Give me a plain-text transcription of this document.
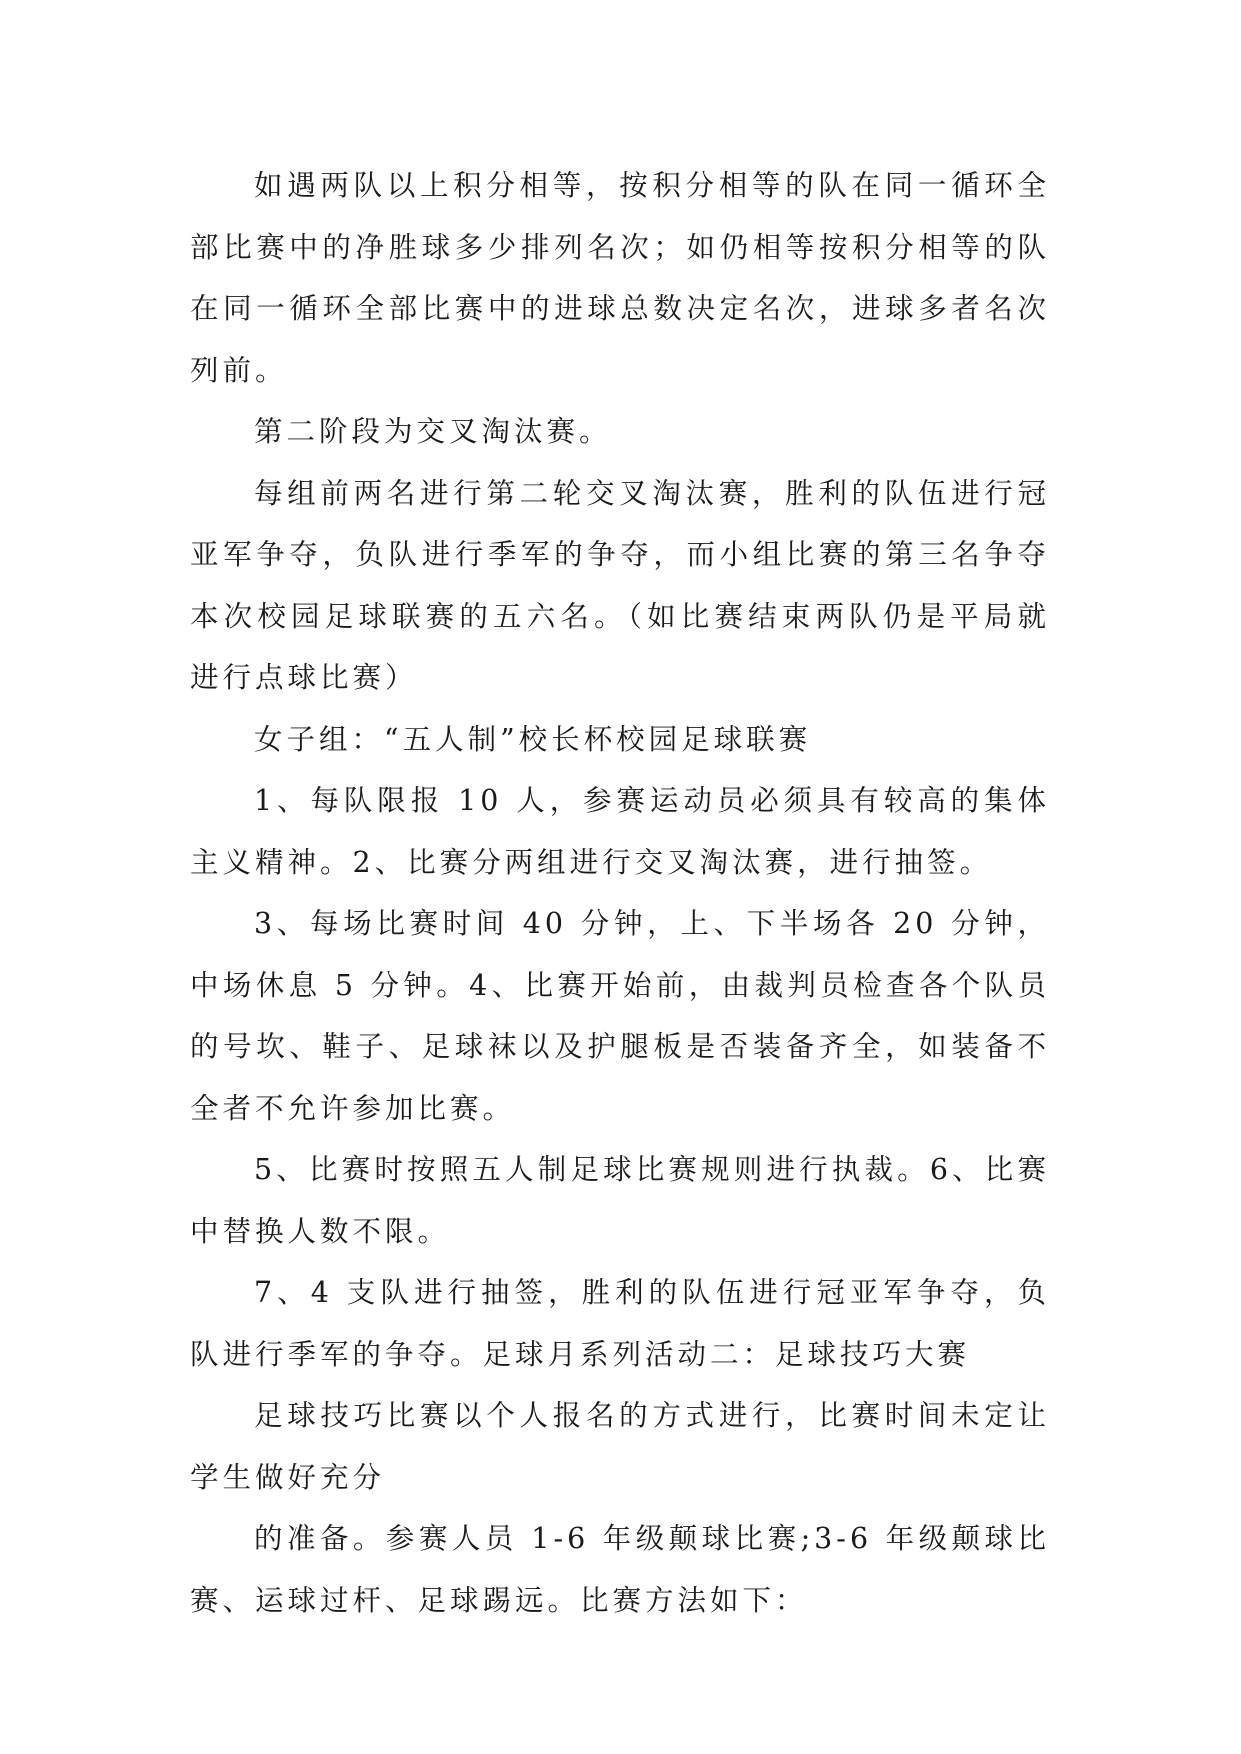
如遇两队以上积分相等，按积分相等的队在同一循环全部比赛中的净胜球多少排列名次；如仍相等按积分相等的队在同一循环全部比赛中的进球总数决定名次，进球多者名次列前。

第二阶段为交叉淘汰赛。

每组前两名进行第二轮交叉淘汰赛，胜利的队伍进行冠亚军争夺，负队进行季军的争夺，而小组比赛的第三名争夺本次校园足球联赛的五六名。（如比赛结束两队仍是平局就进行点球比赛）

女子组：“五人制”校长杯校园足球联赛

1、每队限报 10 人，参赛运动员必须具有较高的集体主义精神。2、比赛分两组进行交叉淘汰赛，进行抽签。

3、每场比赛时间 40 分钟，上、下半场各 20 分钟，中场休息 5 分钟。4、比赛开始前，由裁判员检查各个队员的号坎、鞋子、足球袜以及护腿板是否装备齐全，如装备不全者不允许参加比赛。

5、比赛时按照五人制足球比赛规则进行执裁。6、比赛中替换人数不限。

7、4 支队进行抽签，胜利的队伍进行冠亚军争夺，负队进行季军的争夺。足球月系列活动二：足球技巧大赛

足球技巧比赛以个人报名的方式进行，比赛时间未定让学生做好充分

的准备。参赛人员 1-6 年级颠球比赛;3-6 年级颠球比赛、运球过杆、足球踢远。比赛方法如下：
